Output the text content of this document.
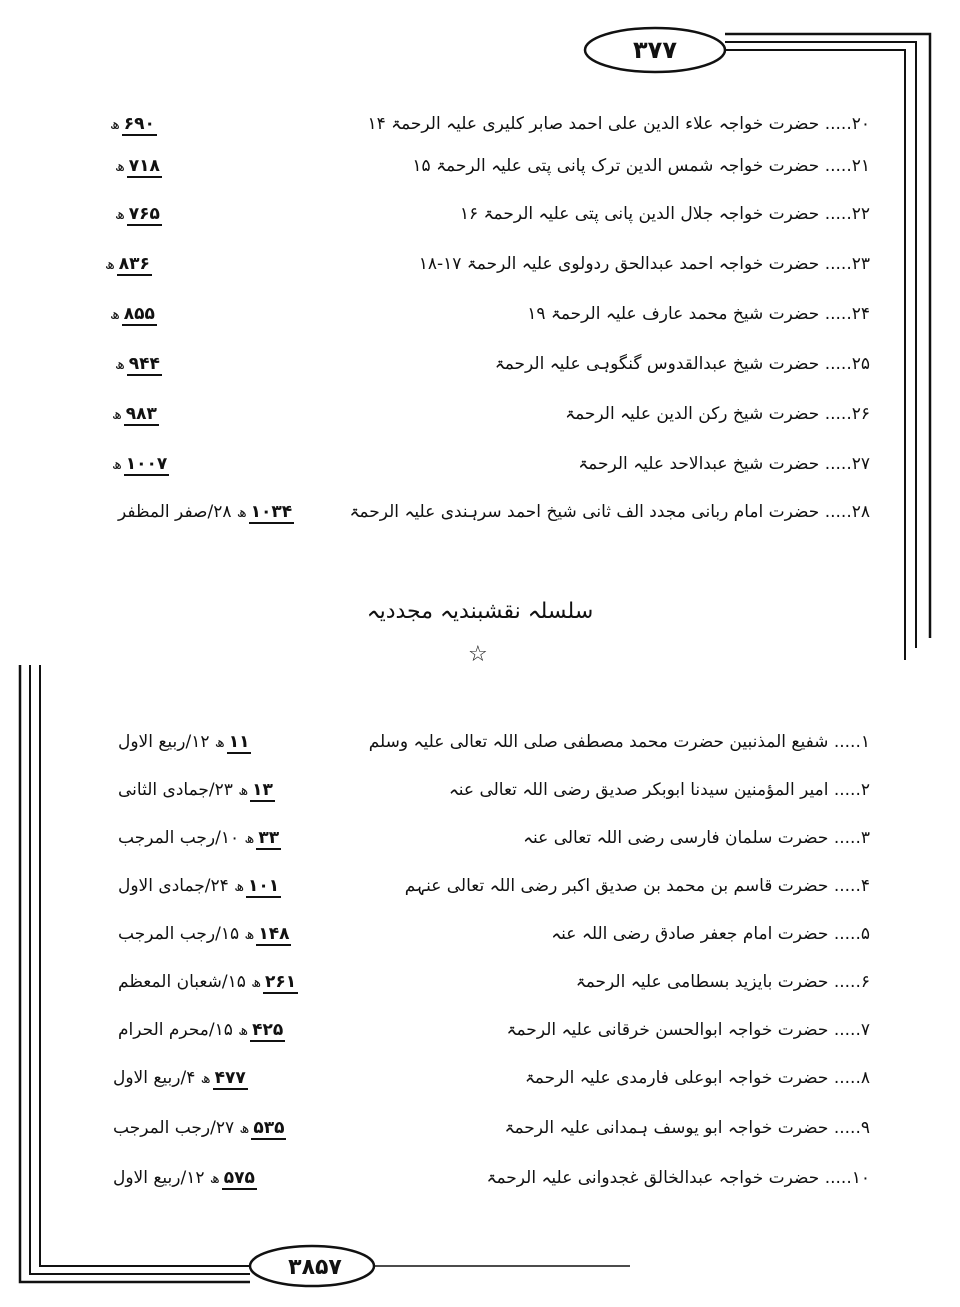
۳۷۷
۳۸۵۷
۲۰..... حضرت خواجہ علاء الدین علی احمد صابر کلیری علیہ الرحمۃ ۱۴
۶۹۰ھ
۲۱..... حضرت خواجہ شمس الدین ترک پانی پتی علیہ الرحمۃ ۱۵
۷۱۸ھ
۲۲..... حضرت خواجہ جلال الدین پانی پتی علیہ الرحمۃ ۱۶
۷۶۵ھ
۲۳..... حضرت خواجہ احمد عبدالحق ردولوی علیہ الرحمۃ ۱۷-۱۸
۸۳۶ھ
۲۴..... حضرت شیخ محمد عارف علیہ الرحمۃ ۱۹
۸۵۵ھ
۲۵..... حضرت شیخ عبدالقدوس گنگوہی علیہ الرحمۃ
۹۴۴ھ
۲۶..... حضرت شیخ رکن الدین علیہ الرحمۃ
۹۸۳ھ
۲۷..... حضرت شیخ عبدالاحد علیہ الرحمۃ
۱۰۰۷ھ
۲۸..... حضرت امام ربانی مجدد الف ثانی شیخ احمد سرہندی علیہ الرحمۃ
۱۰۳۴ھ ۲۸/صفر المظفر
سلسلہ نقشبندیہ مجددیہ
☆
۱..... شفیع المذنبین حضرت محمد مصطفی صلی اللہ تعالی علیہ وسلم
۱۱ھ ۱۲/ربیع الاول
۲..... امیر المؤمنین سیدنا ابوبکر صدیق رضی اللہ تعالی عنہ
۱۳ھ ۲۳/جمادی الثانی
۳..... حضرت سلمان فارسی رضی اللہ تعالی عنہ
۳۳ھ ۱۰/رجب المرجب
۴..... حضرت قاسم بن محمد بن صدیق اکبر رضی اللہ تعالی عنہم
۱۰۱ھ ۲۴/جمادی الاول
۵..... حضرت امام جعفر صادق رضی اللہ عنہ
۱۴۸ھ ۱۵/رجب المرجب
۶..... حضرت بایزید بسطامی علیہ الرحمۃ
۲۶۱ھ ۱۵/شعبان المعظم
۷..... حضرت خواجہ ابوالحسن خرقانی علیہ الرحمۃ
۴۲۵ھ ۱۵/محرم الحرام
۸..... حضرت خواجہ ابوعلی فارمدی علیہ الرحمۃ
۴۷۷ھ ۴/ربیع الاول
۹..... حضرت خواجہ ابو یوسف ہمدانی علیہ الرحمۃ
۵۳۵ھ ۲۷/رجب المرجب
۱۰..... حضرت خواجہ عبدالخالق غجدوانی علیہ الرحمۃ
۵۷۵ھ ۱۲/ربیع الاول
